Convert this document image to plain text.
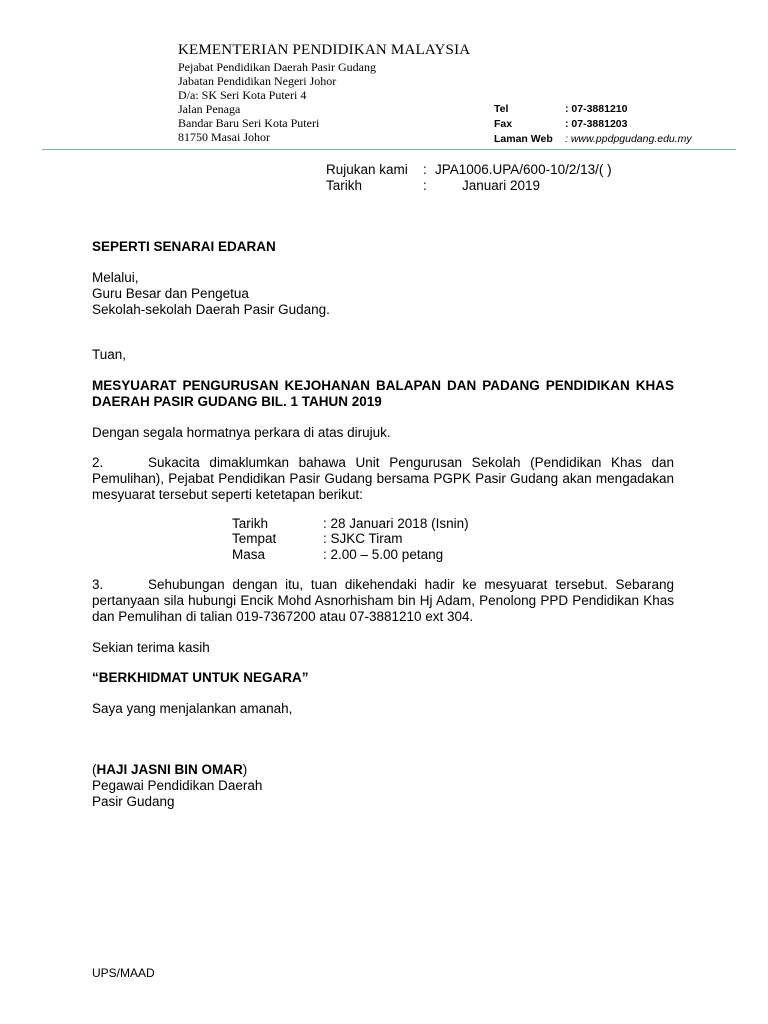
KEMENTERIAN PENDIDIKAN MALAYSIA
Pejabat Pendidikan Daerah Pasir Gudang
Jabatan Pendidikan Negeri Johor
D/a: SK Seri Kota Puteri 4
Jalan Penaga
Bandar Baru Seri Kota Puteri
81750 Masai Johor
Tel	: 07-3881210
Fax	: 07-3881203
Laman Web : www.ppdpgudang.edu.my
Rujukan kami : JPA1006.UPA/600-10/2/13/( )
Tarikh	:	Januari 2019
SEPERTI SENARAI EDARAN
Melalui,
Guru Besar dan Pengetua
Sekolah-sekolah Daerah Pasir Gudang.
Tuan,
MESYUARAT PENGURUSAN KEJOHANAN BALAPAN DAN PADANG PENDIDIKAN KHAS DAERAH PASIR GUDANG BIL. 1 TAHUN 2019
Dengan segala hormatnya perkara di atas dirujuk.
2.	Sukacita dimaklumkan bahawa Unit Pengurusan Sekolah (Pendidikan Khas dan Pemulihan), Pejabat Pendidikan Pasir Gudang bersama PGPK Pasir Gudang akan mengadakan mesyuarat tersebut seperti ketetapan berikut:
Tarikh	: 28 Januari 2018 (Isnin)
Tempat	: SJKC Tiram
Masa	: 2.00 – 5.00 petang
3.	Sehubungan dengan itu, tuan dikehendaki hadir ke mesyuarat tersebut. Sebarang pertanyaan sila hubungi Encik Mohd Asnorhisham bin Hj Adam, Penolong PPD Pendidikan Khas dan Pemulihan di talian 019-7367200 atau 07-3881210 ext 304.
Sekian terima kasih
“BERKHIDMAT UNTUK NEGARA”
Saya yang menjalankan amanah,
(HAJI JASNI BIN OMAR)
Pegawai Pendidikan Daerah
Pasir Gudang
UPS/MAAD
